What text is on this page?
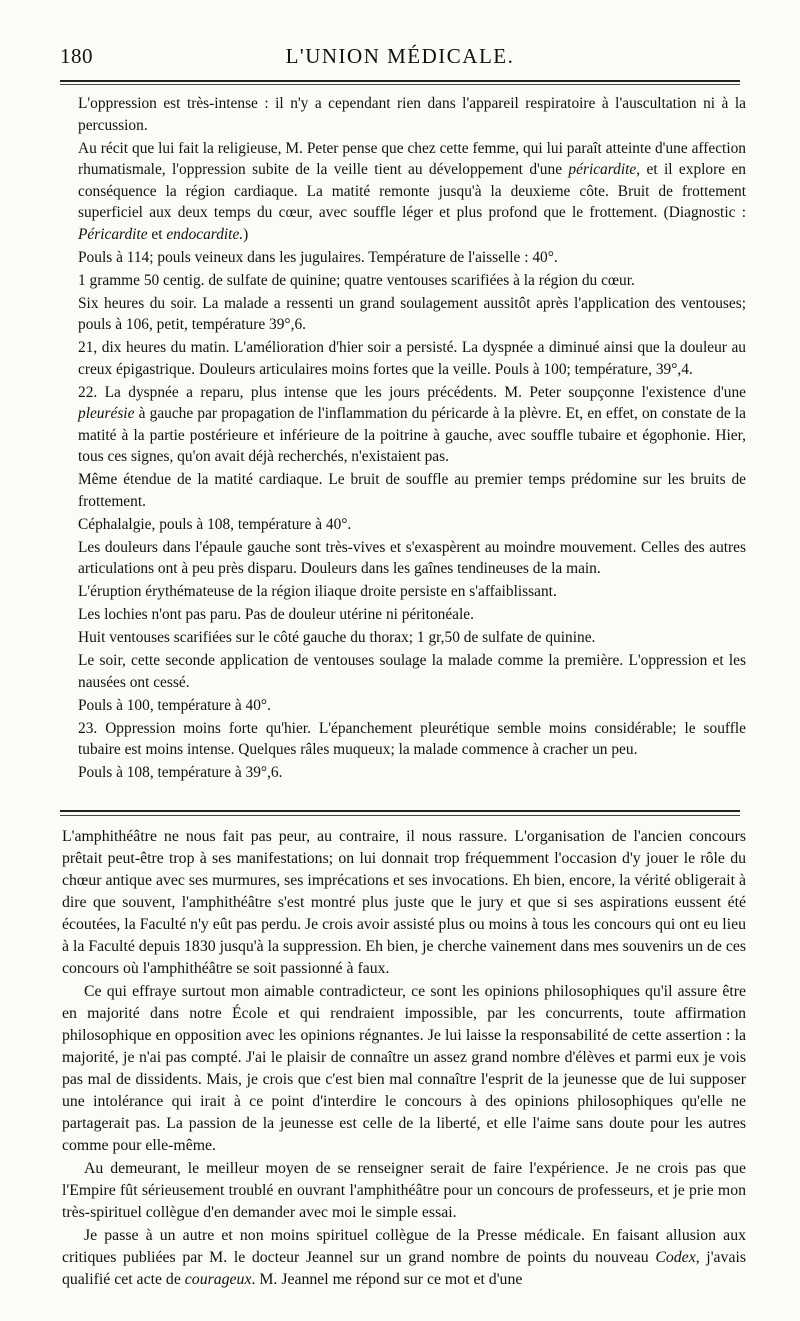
180	L'UNION MÉDICALE.

L'oppression est très-intense : il n'y a cependant rien dans l'appareil respiratoire à l'auscultation ni à la percussion.

Au récit que lui fait la religieuse, M. Peter pense que chez cette femme, qui lui paraît atteinte d'une affection rhumatismale, l'oppression subite de la veille tient au développement d'une péricardite, et il explore en conséquence la région cardiaque. La matité remonte jusqu'à la deuxieme côte. Bruit de frottement superficiel aux deux temps du cœur, avec souffle léger et plus profond que le frottement. (Diagnostic : Péricardite et endocardite.)

Pouls à 114; pouls veineux dans les jugulaires. Température de l'aisselle : 40°.

1 gramme 50 centig. de sulfate de quinine; quatre ventouses scarifiées à la région du cœur.

Six heures du soir. La malade a ressenti un grand soulagement aussitôt après l'application des ventouses; pouls à 106, petit, température 39°,6.

21, dix heures du matin. L'amélioration d'hier soir a persisté. La dyspnée a diminué ainsi que la douleur au creux épigastrique. Douleurs articulaires moins fortes que la veille. Pouls à 100; température, 39°,4.

22. La dyspnée a reparu, plus intense que les jours précédents. M. Peter soupçonne l'existence d'une pleurésie à gauche par propagation de l'inflammation du péricarde à la plèvre. Et, en effet, on constate de la matité à la partie postérieure et inférieure de la poitrine à gauche, avec souffle tubaire et égophonie. Hier, tous ces signes, qu'on avait déjà recherchés, n'existaient pas.

Même étendue de la matité cardiaque. Le bruit de souffle au premier temps prédomine sur les bruits de frottement.

Céphalalgie, pouls à 108, température à 40°.

Les douleurs dans l'épaule gauche sont très-vives et s'exaspèrent au moindre mouvement. Celles des autres articulations ont à peu près disparu. Douleurs dans les gaînes tendineuses de la main.

L'éruption érythémateuse de la région iliaque droite persiste en s'affaiblissant.

Les lochies n'ont pas paru. Pas de douleur utérine ni péritonéale.

Huit ventouses scarifiées sur le côté gauche du thorax; 1 gr,50 de sulfate de quinine.

Le soir, cette seconde application de ventouses soulage la malade comme la première. L'oppression et les nausées ont cessé.

Pouls à 100, température à 40°.

23. Oppression moins forte qu'hier. L'épanchement pleurétique semble moins considérable; le souffle tubaire est moins intense. Quelques râles muqueux; la malade commence à cracher un peu.

Pouls à 108, température à 39°,6.

L'amphithéâtre ne nous fait pas peur, au contraire, il nous rassure. L'organisation de l'ancien concours prêtait peut-être trop à ses manifestations; on lui donnait trop fréquemment l'occasion d'y jouer le rôle du chœur antique avec ses murmures, ses imprécations et ses invocations. Eh bien, encore, la vérité obligerait à dire que souvent, l'amphithéâtre s'est montré plus juste que le jury et que si ses aspirations eussent été écoutées, la Faculté n'y eût pas perdu. Je crois avoir assisté plus ou moins à tous les concours qui ont eu lieu à la Faculté depuis 1830 jusqu'à la suppression. Eh bien, je cherche vainement dans mes souvenirs un de ces concours où l'amphithéâtre se soit passionné à faux.

Ce qui effraye surtout mon aimable contradicteur, ce sont les opinions philosophiques qu'il assure être en majorité dans notre École et qui rendraient impossible, par les concurrents, toute affirmation philosophique en opposition avec les opinions régnantes. Je lui laisse la responsabilité de cette assertion : la majorité, je n'ai pas compté. J'ai le plaisir de connaître un assez grand nombre d'élèves et parmi eux je vois pas mal de dissidents. Mais, je crois que c'est bien mal connaître l'esprit de la jeunesse que de lui supposer une intolérance qui irait à ce point d'interdire le concours à des opinions philosophiques qu'elle ne partagerait pas. La passion de la jeunesse est celle de la liberté, et elle l'aime sans doute pour les autres comme pour elle-même.

Au demeurant, le meilleur moyen de se renseigner serait de faire l'expérience. Je ne crois pas que l'Empire fût sérieusement troublé en ouvrant l'amphithéâtre pour un concours de professeurs, et je prie mon très-spirituel collègue d'en demander avec moi le simple essai.

Je passe à un autre et non moins spirituel collègue de la Presse médicale. En faisant allusion aux critiques publiées par M. le docteur Jeannel sur un grand nombre de points du nouveau Codex, j'avais qualifié cet acte de courageux. M. Jeannel me répond sur ce mot et d'une
